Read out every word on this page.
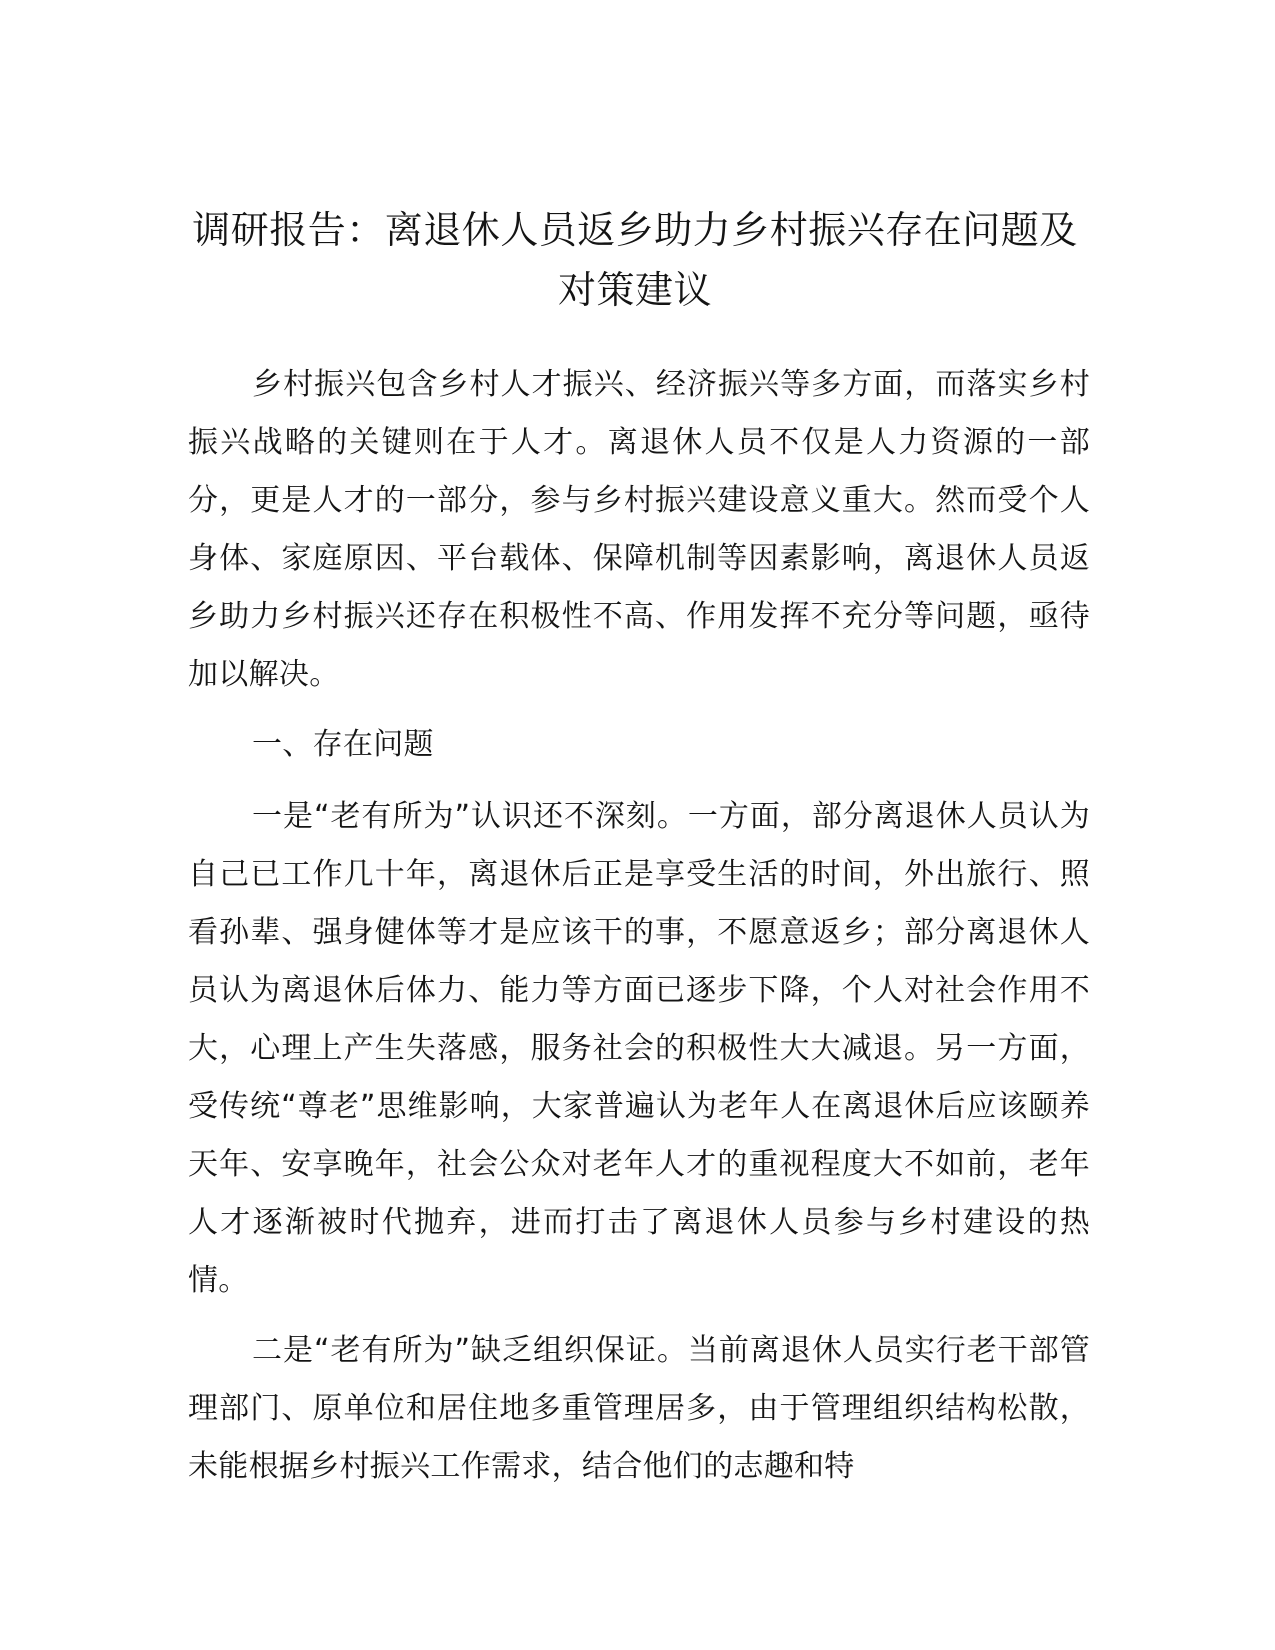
调研报告：离退休人员返乡助力乡村振兴存在问题及对策建议

乡村振兴包含乡村人才振兴、经济振兴等多方面，而落实乡村振兴战略的关键则在于人才。离退休人员不仅是人力资源的一部分，更是人才的一部分，参与乡村振兴建设意义重大。然而受个人身体、家庭原因、平台载体、保障机制等因素影响，离退休人员返乡助力乡村振兴还存在积极性不高、作用发挥不充分等问题，亟待加以解决。

一、存在问题

一是“老有所为”认识还不深刻。一方面，部分离退休人员认为自己已工作几十年，离退休后正是享受生活的时间，外出旅行、照看孙辈、强身健体等才是应该干的事，不愿意返乡；部分离退休人员认为离退休后体力、能力等方面已逐步下降，个人对社会作用不大，心理上产生失落感，服务社会的积极性大大减退。另一方面，受传统“尊老”思维影响，大家普遍认为老年人在离退休后应该颐养天年、安享晚年，社会公众对老年人才的重视程度大不如前，老年人才逐渐被时代抛弃，进而打击了离退休人员参与乡村建设的热情。

二是“老有所为”缺乏组织保证。当前离退休人员实行老干部管理部门、原单位和居住地多重管理居多，由于管理组织结构松散，未能根据乡村振兴工作需求，结合他们的志趣和特
